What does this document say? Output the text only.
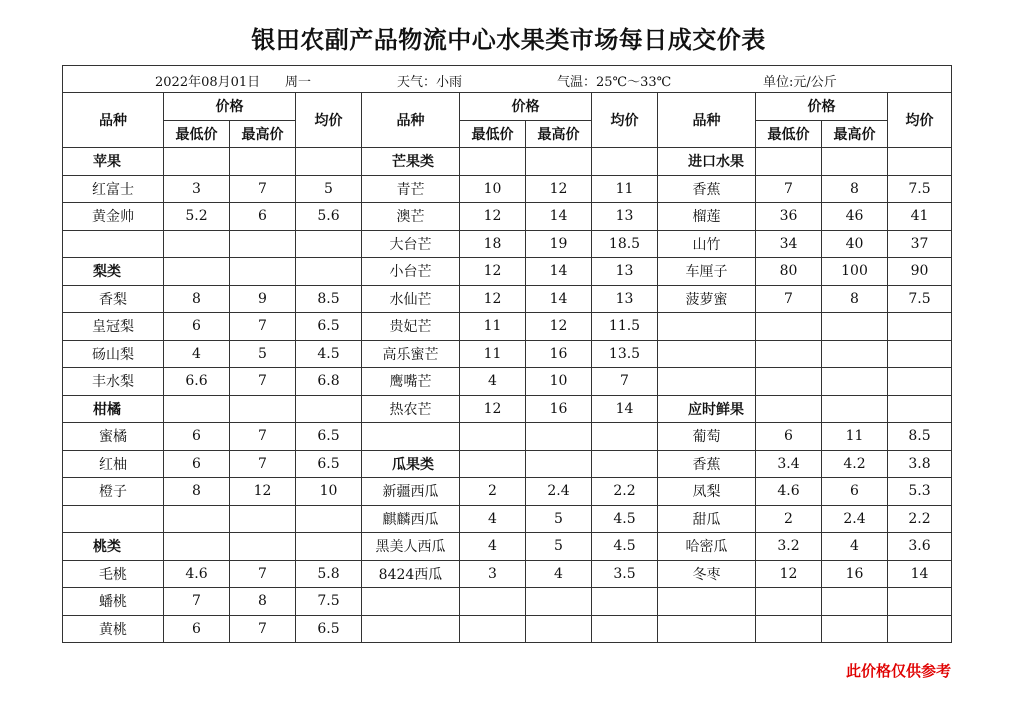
银田农副产品物流中心水果类市场每日成交价表
2022年08月01日 周一 天气：小雨 气温：25℃～33℃ 单位:元/公斤											

品种	价格		均价	品种	价格		均价	品种	价格		均价
	最低价	最高价			最低价	最高价			最低价	最高价	
苹果				芒果类				进口水果			
红富士	3	7	5	青芒	10	12	11	香蕉	7	8	7.5
黄金帅	5.2	6	5.6	澳芒	12	14	13	榴莲	36	46	41
				大台芒	18	19	18.5	山竹	34	40	37
梨类				小台芒	12	14	13	车厘子	80	100	90
香梨	8	9	8.5	水仙芒	12	14	13	菠萝蜜	7	8	7.5
皇冠梨	6	7	6.5	贵妃芒	11	12	11.5				
砀山梨	4	5	4.5	高乐蜜芒	11	16	13.5				
丰水梨	6.6	7	6.8	鹰嘴芒	4	10	7				
柑橘				热农芒	12	16	14	应时鲜果			
蜜橘	6	7	6.5					葡萄	6	11	8.5
红柚	6	7	6.5	瓜果类				香蕉	3.4	4.2	3.8
橙子	8	12	10	新疆西瓜	2	2.4	2.2	凤梨	4.6	6	5.3
				麒麟西瓜	4	5	4.5	甜瓜	2	2.4	2.2
桃类				黑美人西瓜	4	5	4.5	哈密瓜	3.2	4	3.6
毛桃	4.6	7	5.8	8424西瓜	3	4	3.5	冬枣	12	16	14
蟠桃	7	8	7.5								
黄桃	6	7	6.5								
此价格仅供参考
